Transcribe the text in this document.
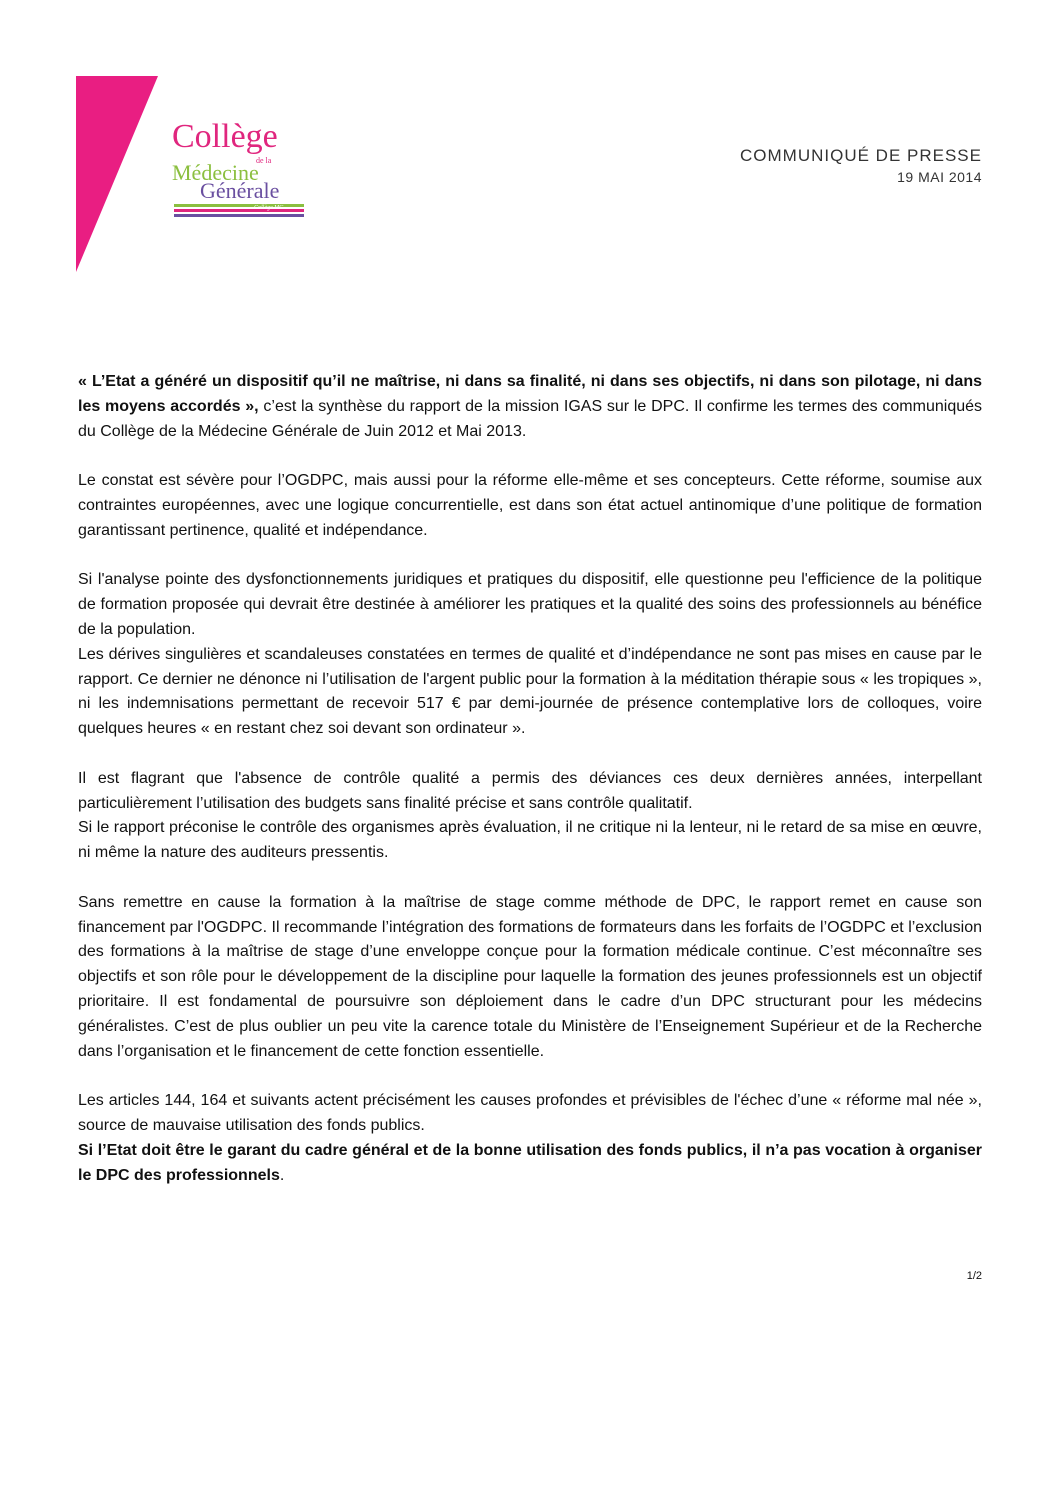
Collège
de la
Médecine
Générale
Collège MG
COMMUNIQUÉ DE PRESSE
19 MAI 2014

« L’Etat a généré un dispositif qu’il ne maîtrise, ni dans sa finalité, ni dans ses objectifs, ni dans son pilotage, ni dans les moyens accordés », c’est la synthèse du rapport de la mission IGAS sur le DPC. Il confirme les termes des communiqués du Collège de la Médecine Générale de Juin 2012 et Mai 2013.

Le constat est sévère pour l’OGDPC, mais aussi pour la réforme elle-même et ses concepteurs. Cette réforme, soumise aux contraintes européennes, avec une logique concurrentielle, est dans son état actuel antinomique d’une politique de formation garantissant pertinence, qualité et indépendance.

Si l'analyse pointe des dysfonctionnements juridiques et pratiques du dispositif, elle questionne peu l'efficience de la politique de formation proposée qui devrait être destinée à améliorer les pratiques et la qualité des soins des professionnels au bénéfice de la population.

Les dérives singulières et scandaleuses constatées en termes de qualité et d’indépendance ne sont pas mises en cause par le rapport. Ce dernier ne dénonce ni l’utilisation de l'argent public pour la formation à la méditation thérapie sous « les tropiques », ni les indemnisations permettant de recevoir 517 € par demi-journée de présence contemplative lors de colloques, voire quelques heures « en restant chez soi devant son ordinateur ».

Il est flagrant que l'absence de contrôle qualité a permis des déviances ces deux dernières années, interpellant particulièrement l’utilisation des budgets sans finalité précise et sans contrôle qualitatif.

Si le rapport préconise le contrôle des organismes après évaluation, il ne critique ni la lenteur, ni le retard de sa mise en œuvre, ni même la nature des auditeurs pressentis.

Sans remettre en cause la formation à la maîtrise de stage comme méthode de DPC, le rapport remet en cause son financement par l'OGDPC. Il recommande l’intégration des formations de formateurs dans les forfaits de l’OGDPC et l’exclusion des formations à la maîtrise de stage d’une enveloppe conçue pour la formation médicale continue. C’est méconnaître ses objectifs et son rôle pour le développement de la discipline pour laquelle la formation des jeunes professionnels est un objectif prioritaire. Il est fondamental de poursuivre son déploiement dans le cadre d’un DPC structurant pour les médecins généralistes. C’est de plus oublier un peu vite la carence totale du Ministère de l’Enseignement Supérieur et de la Recherche dans l’organisation et le financement de cette fonction essentielle.

Les articles 144, 164 et suivants actent précisément les causes profondes et prévisibles de l'échec d’une « réforme mal née », source de mauvaise utilisation des fonds publics.

Si l’Etat doit être le garant du cadre général et de la bonne utilisation des fonds publics, il n’a pas vocation à organiser le DPC des professionnels.

1/2
